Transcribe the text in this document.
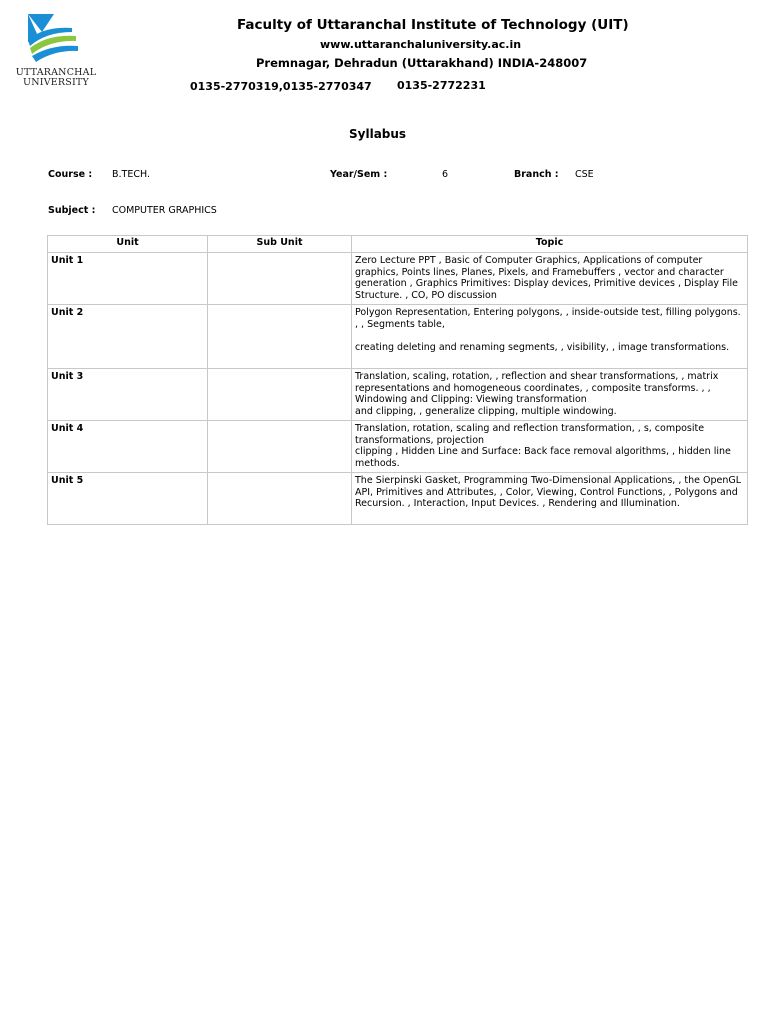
UTTARANCHAL
UNIVERSITY
Faculty of Uttaranchal Institute of Technology (UIT)
www.uttaranchaluniversity.ac.in
Premnagar, Dehradun (Uttarakhand) INDIA-248007
0135-2770319,0135-2770347 0135-2772231
Syllabus
Course : B.TECH.	Year/Sem :	6	Branch : CSE
Subject : COMPUTER GRAPHICS
Unit	Sub Unit	Topic
Unit 1		Zero Lecture PPT , Basic of Computer Graphics, Applications of computer graphics, Points lines, Planes, Pixels, and Framebuffers , vector and character generation , Graphics Primitives: Display devices, Primitive devices , Display File Structure. , CO, PO discussion

Unit 2		Polygon Representation, Entering polygons, , inside-outside test, filling polygons. , , Segments table,
creating deleting and renaming segments, , visibility, , image transformations.

Unit 3		Translation, scaling, rotation, , reflection and shear transformations, , matrix representations and homogeneous coordinates, , composite transforms. , , Windowing and Clipping: Viewing transformation
and clipping, , generalize clipping, multiple windowing.

Unit 4		Translation, rotation, scaling and reflection transformation, , s, composite transformations, projection
clipping , Hidden Line and Surface: Back face removal algorithms, , hidden line methods.

Unit 5		The Sierpinski Gasket, Programming Two-Dimensional Applications, , the OpenGL API, Primitives and Attributes, , Color, Viewing, Control Functions, , Polygons and Recursion. , Interaction, Input Devices. , Rendering and Illumination.
